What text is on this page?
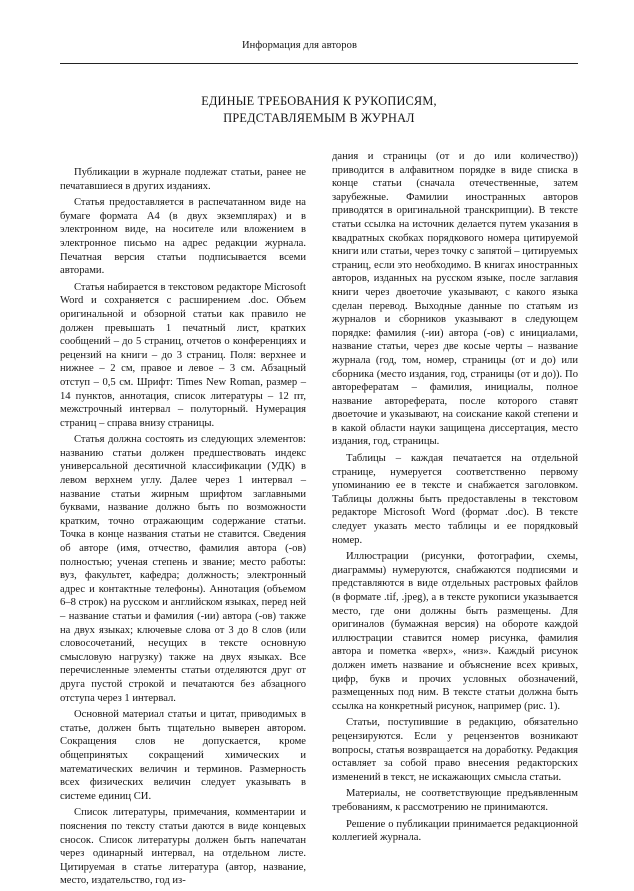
Информация для авторов
ЕДИНЫЕ ТРЕБОВАНИЯ К РУКОПИСЯМ,
ПРЕДСТАВЛЯЕМЫМ В ЖУРНАЛ

Публикации в журнале подлежат статьи, ранее не печатавшиеся в других изданиях.

Статья предоставляется в распечатанном виде на бумаге формата А4 (в двух экземплярах) и в электронном виде, на носителе или вложением в электронное письмо на адрес редакции журнала. Печатная версия статьи подписывается всеми авторами.

Статья набирается в текстовом редакторе Microsoft Word и сохраняется с расширением .doc. Объем оригинальной и обзорной статьи как правило не должен превышать 1 печатный лист, кратких сообщений – до 5 страниц, отчетов о конференциях и рецензий на книги – до 3 страниц. Поля: верхнее и нижнее – 2 см, правое и левое – 3 см. Абзацный отступ – 0,5 см. Шрифт: Times New Roman, размер – 14 пунктов, аннотация, список литературы – 12 пт, межстрочный интервал – полуторный. Нумерация страниц – справа внизу страницы.

Статья должна состоять из следующих элементов: названию статьи должен предшествовать индекс универсальной десятичной классификации (УДК) в левом верхнем углу. Далее через 1 интервал – название статьи жирным шрифтом заглавными буквами, название должно быть по возможности кратким, точно отражающим содержание статьи. Точка в конце названия статьи не ставится. Сведения об авторе (имя, отчество, фамилия автора (-ов) полностью; ученая степень и звание; место работы: вуз, факультет, кафедра; должность; электронный адрес и контактные телефоны). Аннотация (объемом 6–8 строк) на русском и английском языках, перед ней – название статьи и фамилия (-ии) автора (-ов) также на двух языках; ключевые слова от 3 до 8 слов (или словосочетаний, несущих в тексте основную смысловую нагрузку) также на двух языках. Все перечисленные элементы статьи отделяются друг от друга пустой строкой и печатаются без абзацного отступа через 1 интервал.

Основной материал статьи и цитат, приводимых в статье, должен быть тщательно выверен автором. Сокращения слов не допускается, кроме общепринятых сокращений химических и математических величин и терминов. Размерность всех физических величин следует указывать в системе единиц СИ.

Список литературы, примечания, комментарии и пояснения по тексту статьи даются в виде концевых сносок. Список литературы должен быть напечатан через одинарный интервал, на отдельном листе. Цитируемая в статье литература (автор, название, место, издательство, год из-

дания и страницы (от и до или количество)) приводится в алфавитном порядке в виде списка в конце статьи (сначала отечественные, затем зарубежные. Фамилии иностранных авторов приводятся в оригинальной транскрипции). В тексте статьи ссылка на источник делается путем указания в квадратных скобках порядкового номера цитируемой книги или статьи, через точку с запятой – цитируемых страниц, если это необходимо. В книгах иностранных авторов, изданных на русском языке, после заглавия книги через двоеточие указывают, с какого языка сделан перевод. Выходные данные по статьям из журналов и сборников указывают в следующем порядке: фамилия (-ии) автора (-ов) с инициалами, название статьи, через две косые черты – название журнала (год, том, номер, страницы (от и до) или сборника (место издания, год, страницы (от и до)). По авторефератам – фамилия, инициалы, полное название автореферата, после которого ставят двоеточие и указывают, на соискание какой степени и в какой области науки защищена диссертация, место издания, год, страницы.

Таблицы – каждая печатается на отдельной странице, нумеруется соответственно первому упоминанию ее в тексте и снабжается заголовком. Таблицы должны быть предоставлены в текстовом редакторе Microsoft Word (формат .doc). В тексте следует указать место таблицы и ее порядковый номер.

Иллюстрации (рисунки, фотографии, схемы, диаграммы) нумеруются, снабжаются подписями и представляются в виде отдельных растровых файлов (в формате .tif, .jpeg), а в тексте рукописи указывается место, где они должны быть размещены. Для оригиналов (бумажная версия) на обороте каждой иллюстрации ставится номер рисунка, фамилия автора и пометка «верх», «низ». Каждый рисунок должен иметь название и объяснение всех кривых, цифр, букв и прочих условных обозначений, размещенных под ним. В тексте статьи должна быть ссылка на конкретный рисунок, например (рис. 1).

Статьи, поступившие в редакцию, обязательно рецензируются. Если у рецензентов возникают вопросы, статья возвращается на доработку. Редакция оставляет за собой право внесения редакторских изменений в текст, не искажающих смысла статьи.

Материалы, не соответствующие предъявленным требованиям, к рассмотрению не принимаются.

Решение о публикации принимается редакционной коллегией журнала.
